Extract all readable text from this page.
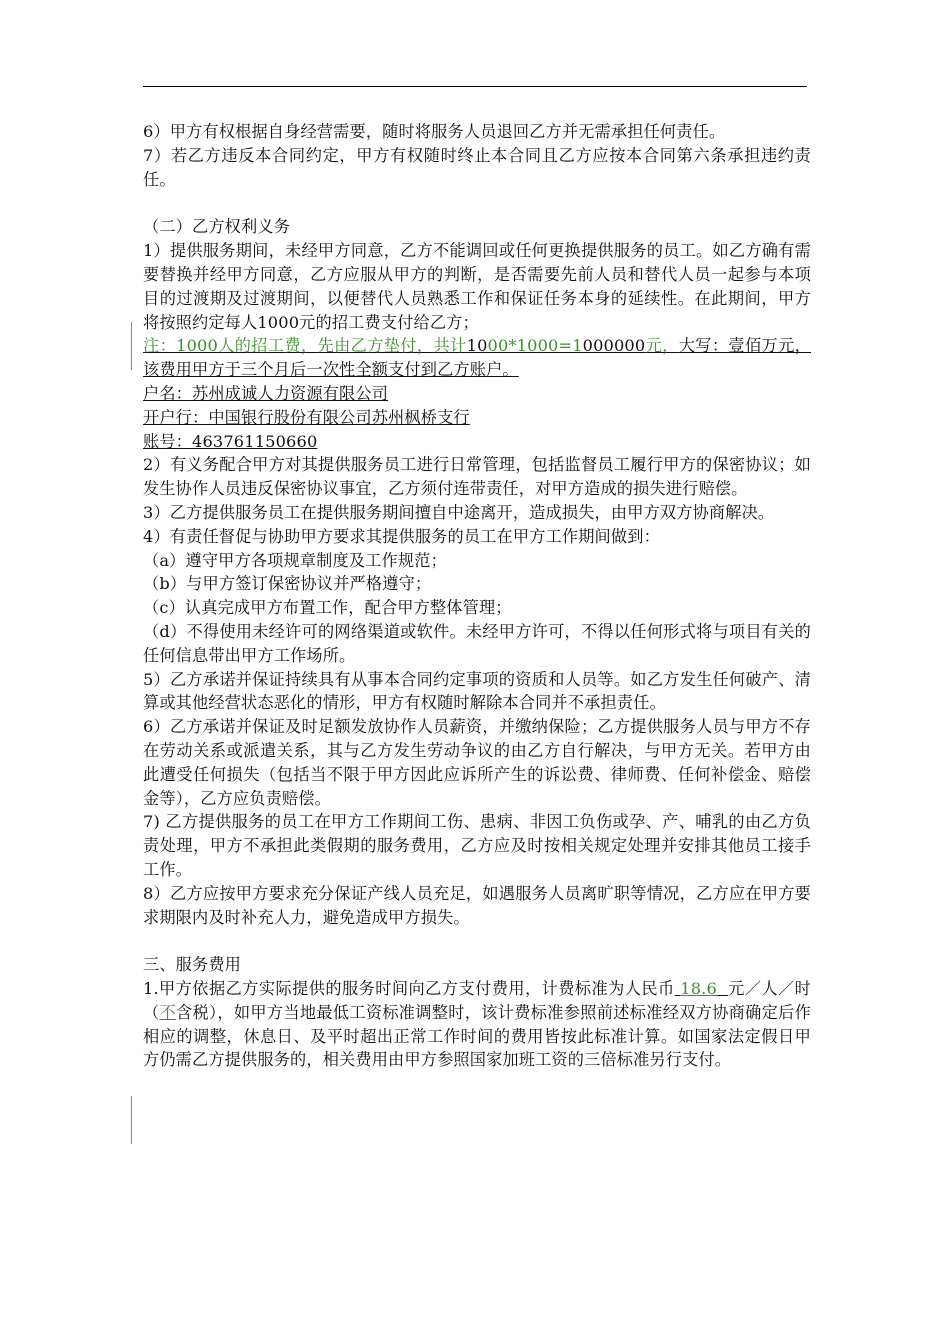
6）甲方有权根据自身经营需要，随时将服务人员退回乙方并无需承担任何责任。

7）若乙方违反本合同约定，甲方有权随时终止本合同且乙方应按本合同第六条承担违约责任。

（二）乙方权利义务

1）提供服务期间，未经甲方同意，乙方不能调回或任何更换提供服务的员工。如乙方确有需要替换并经甲方同意，乙方应服从甲方的判断，是否需要先前人员和替代人员一起参与本项目的过渡期及过渡期间，以便替代人员熟悉工作和保证任务本身的延续性。在此期间，甲方将按照约定每人1000元的招工费支付给乙方；

注：1000人的招工费，先由乙方垫付，共计1000*1000=1000000元，大写：壹佰万元，该费用甲方于三个月后一次性全额支付到乙方账户。

户名：苏州成诚人力资源有限公司

开户行：中国银行股份有限公司苏州枫桥支行

账号：463761150660

2）有义务配合甲方对其提供服务员工进行日常管理，包括监督员工履行甲方的保密协议；如发生协作人员违反保密协议事宜，乙方须付连带责任，对甲方造成的损失进行赔偿。

3）乙方提供服务员工在提供服务期间擅自中途离开，造成损失，由甲方双方协商解决。

4）有责任督促与协助甲方要求其提供服务的员工在甲方工作期间做到：

（a）遵守甲方各项规章制度及工作规范；

（b）与甲方签订保密协议并严格遵守；

（c）认真完成甲方布置工作，配合甲方整体管理；

（d）不得使用未经许可的网络渠道或软件。未经甲方许可，不得以任何形式将与项目有关的任何信息带出甲方工作场所。

5）乙方承诺并保证持续具有从事本合同约定事项的资质和人员等。如乙方发生任何破产、清算或其他经营状态恶化的情形，甲方有权随时解除本合同并不承担责任。

6）乙方承诺并保证及时足额发放协作人员薪资，并缴纳保险；乙方提供服务人员与甲方不存在劳动关系或派遣关系，其与乙方发生劳动争议的由乙方自行解决，与甲方无关。若甲方由此遭受任何损失（包括当不限于甲方因此应诉所产生的诉讼费、律师费、任何补偿金、赔偿金等），乙方应负责赔偿。

7) 乙方提供服务的员工在甲方工作期间工伤、患病、非因工负伤或孕、产、哺乳的由乙方负责处理，甲方不承担此类假期的服务费用，乙方应及时按相关规定处理并安排其他员工接手工作。

8）乙方应按甲方要求充分保证产线人员充足，如遇服务人员离旷职等情况，乙方应在甲方要求期限内及时补充人力，避免造成甲方损失。

三、服务费用

1.甲方依据乙方实际提供的服务时间向乙方支付费用，计费标准为人民币 18.6 元／人／时（不含税），如甲方当地最低工资标准调整时，该计费标准参照前述标准经双方协商确定后作相应的调整，休息日、及平时超出正常工作时间的费用皆按此标准计算。如国家法定假日甲方仍需乙方提供服务的，相关费用由甲方参照国家加班工资的三倍标准另行支付。
